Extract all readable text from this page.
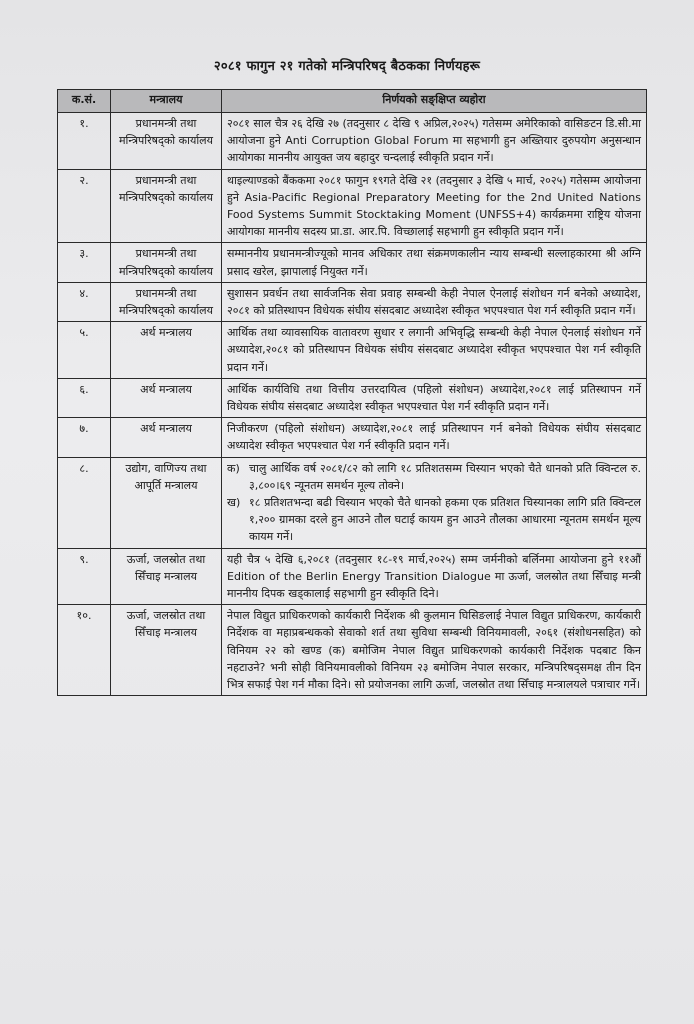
२०८१ फागुन २१ गतेको मन्त्रिपरिषद् बैठकका निर्णयहरू
क.सं.	मन्त्रालय	निर्णयको सङ्क्षिप्त व्यहोरा
१.	प्रधानमन्त्री तथा मन्त्रिपरिषद्को कार्यालय	२०८१ साल चैत्र २६ देखि २७ (तदनुसार ८ देखि ९ अप्रिल,२०२५) गतेसम्म अमेरिकाको वासिङटन डि.सी.मा आयोजना हुने Anti Corruption Global Forum मा सहभागी हुन अख्तियार दुरुपयोग अनुसन्धान आयोगका माननीय आयुक्त जय बहादुर चन्दलाई स्वीकृति प्रदान गर्ने।
२.	प्रधानमन्त्री तथा मन्त्रिपरिषद्को कार्यालय	थाइल्याण्डको बैंककमा २०८१ फागुन १९गते देखि २१ (तदनुसार ३ देखि ५ मार्च, २०२५) गतेसम्म आयोजना हुने Asia-Pacific Regional Preparatory Meeting for the 2nd United Nations Food Systems Summit Stocktaking Moment (UNFSS+4) कार्यक्रममा राष्ट्रिय योजना आयोगका माननीय सदस्य प्रा.डा. आर.पि. विच्छालाई सहभागी हुन स्वीकृति प्रदान गर्ने।
३.	प्रधानमन्त्री तथा मन्त्रिपरिषद्को कार्यालय	सम्माननीय प्रधानमन्त्रीज्यूको मानव अधिकार तथा संक्रमणकालीन न्याय सम्बन्धी सल्लाहकारमा श्री अग्नि प्रसाद खरेल, झापालाई नियुक्त गर्ने।
४.	प्रधानमन्त्री तथा मन्त्रिपरिषद्को कार्यालय	सुशासन प्रवर्धन तथा सार्वजनिक सेवा प्रवाह सम्बन्धी केही नेपाल ऐनलाई संशोधन गर्न बनेको अध्यादेश, २०८१ को प्रतिस्थापन विधेयक संघीय संसदबाट अध्यादेश स्वीकृत भएपश्चात पेश गर्न स्वीकृति प्रदान गर्ने।
५.	अर्थ मन्त्रालय	आर्थिक तथा व्यावसायिक वातावरण सुधार र लगानी अभिवृद्धि सम्बन्धी केही नेपाल ऐनलाई संशोधन गर्ने अध्यादेश,२०८१ को प्रतिस्थापन विधेयक संघीय संसदबाट अध्यादेश स्वीकृत भएपश्चात पेश गर्न स्वीकृति प्रदान गर्ने।
६.	अर्थ मन्त्रालय	आर्थिक कार्यविधि तथा वित्तीय उत्तरदायित्व (पहिलो संशोधन) अध्यादेश,२०८१ लाई प्रतिस्थापन गर्ने विधेयक संघीय संसदबाट अध्यादेश स्वीकृत भएपश्चात पेश गर्न स्वीकृति प्रदान गर्ने।
७.	अर्थ मन्त्रालय	निजीकरण (पहिलो संशोधन) अध्यादेश,२०८१ लाई प्रतिस्थापन गर्न बनेको विधेयक संघीय संसदबाट अध्यादेश स्वीकृत भएपश्चात पेश गर्न स्वीकृति प्रदान गर्ने।
८.	उद्योग, वाणिज्य तथा आपूर्ति मन्त्रालय	क) चालु आर्थिक वर्ष २०८१/८२ को लागि १८ प्रतिशतसम्म चिस्यान भएको चैते धानको प्रति क्विन्टल रु. ३,८००।६९ न्यूनतम समर्थन मूल्य तोक्ने।
ख) १८ प्रतिशतभन्दा बढी चिस्यान भएको चैते धानको हकमा एक प्रतिशत चिस्यानका लागि प्रति क्विन्टल १,२०० ग्रामका दरले हुन आउने तौल घटाई कायम हुन आउने तौलका आधारमा न्यूनतम समर्थन मूल्य कायम गर्ने।

९.	ऊर्जा, जलस्रोत तथा सिँचाइ मन्त्रालय	यही चैत्र ५ देखि ६,२०८१ (तदनुसार १८-१९ मार्च,२०२५) सम्म जर्मनीको बर्लिनमा आयोजना हुने ११औं Edition of the Berlin Energy Transition Dialogue मा ऊर्जा, जलस्रोत तथा सिँचाइ मन्त्री माननीय दिपक खड्कालाई सहभागी हुन स्वीकृति दिने।
१०.	ऊर्जा, जलस्रोत तथा सिँचाइ मन्त्रालय	नेपाल विद्युत प्राधिकरणको कार्यकारी निर्देशक श्री कुलमान घिसिङलाई नेपाल विद्युत प्राधिकरण, कार्यकारी निर्देशक वा महाप्रबन्धकको सेवाको शर्त तथा सुविधा सम्बन्धी विनियमावली, २०६१ (संशोधनसहित) को विनियम २२ को खण्ड (क) बमोजिम नेपाल विद्युत प्राधिकरणको कार्यकारी निर्देशक पदबाट किन नहटाउने? भनी सोही विनियमावलीको विनियम २३ बमोजिम नेपाल सरकार, मन्त्रिपरिषद्समक्ष तीन दिन भित्र सफाई पेश गर्न मौका दिने। सो प्रयोजनका लागि ऊर्जा, जलस्रोत तथा सिँचाइ मन्त्रालयले पत्राचार गर्ने।
